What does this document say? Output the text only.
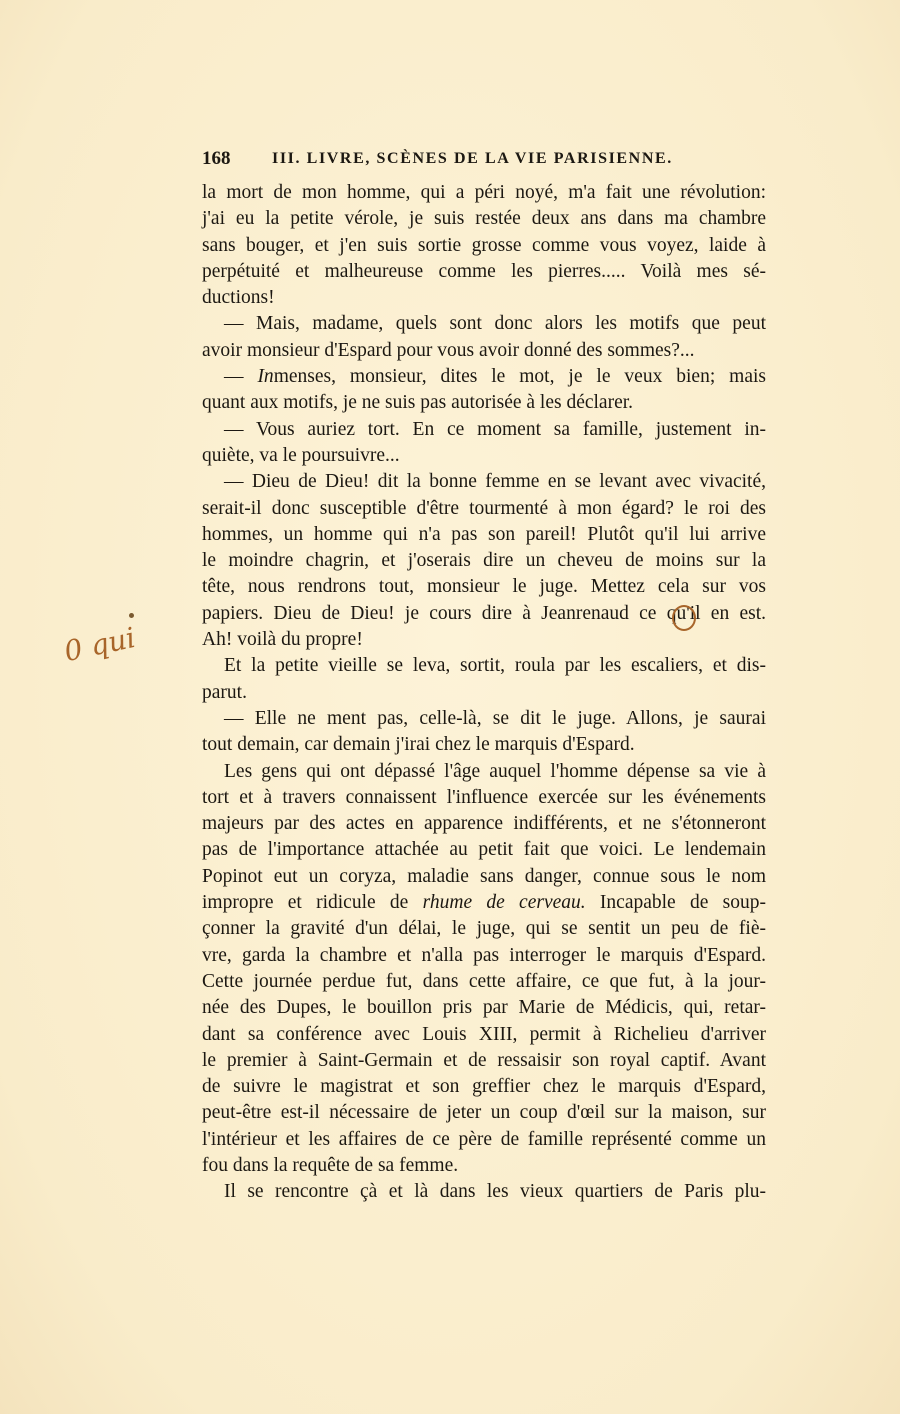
168	III. LIVRE, SCÈNES DE LA VIE PARISIENNE.
la mort de mon homme, qui a péri noyé, m'a fait une révolution:
j'ai eu la petite vérole, je suis restée deux ans dans ma chambre
sans bouger, et j'en suis sortie grosse comme vous voyez, laide à
perpétuité et malheureuse comme les pierres..... Voilà mes sé-
ductions!
— Mais, madame, quels sont donc alors les motifs que peut
avoir monsieur d'Espard pour vous avoir donné des sommes?...
— Inmenses, monsieur, dites le mot, je le veux bien; mais
quant aux motifs, je ne suis pas autorisée à les déclarer.
— Vous auriez tort. En ce moment sa famille, justement in-
quiète, va le poursuivre...
— Dieu de Dieu! dit la bonne femme en se levant avec vivacité,
serait-il donc susceptible d'être tourmenté à mon égard? le roi des
hommes, un homme qui n'a pas son pareil! Plutôt qu'il lui arrive
le moindre chagrin, et j'oserais dire un cheveu de moins sur la
tête, nous rendrons tout, monsieur le juge. Mettez cela sur vos
papiers. Dieu de Dieu! je cours dire à Jeanrenaud ce qu'il en est.
Ah! voilà du propre!
Et la petite vieille se leva, sortit, roula par les escaliers, et dis-
parut.
— Elle ne ment pas, celle-là, se dit le juge. Allons, je saurai
tout demain, car demain j'irai chez le marquis d'Espard.
Les gens qui ont dépassé l'âge auquel l'homme dépense sa vie à
tort et à travers connaissent l'influence exercée sur les événements
majeurs par des actes en apparence indifférents, et ne s'étonneront
pas de l'importance attachée au petit fait que voici. Le lendemain
Popinot eut un coryza, maladie sans danger, connue sous le nom
impropre et ridicule de rhume de cerveau. Incapable de soup-
çonner la gravité d'un délai, le juge, qui se sentit un peu de fiè-
vre, garda la chambre et n'alla pas interroger le marquis d'Espard.
Cette journée perdue fut, dans cette affaire, ce que fut, à la jour-
née des Dupes, le bouillon pris par Marie de Médicis, qui, retar-
dant sa conférence avec Louis XIII, permit à Richelieu d'arriver
le premier à Saint-Germain et de ressaisir son royal captif. Avant
de suivre le magistrat et son greffier chez le marquis d'Espard,
peut-être est-il nécessaire de jeter un coup d'œil sur la maison, sur
l'intérieur et les affaires de ce père de famille représenté comme un
fou dans la requête de sa femme.
Il se rencontre çà et là dans les vieux quartiers de Paris plu-
0 qui
